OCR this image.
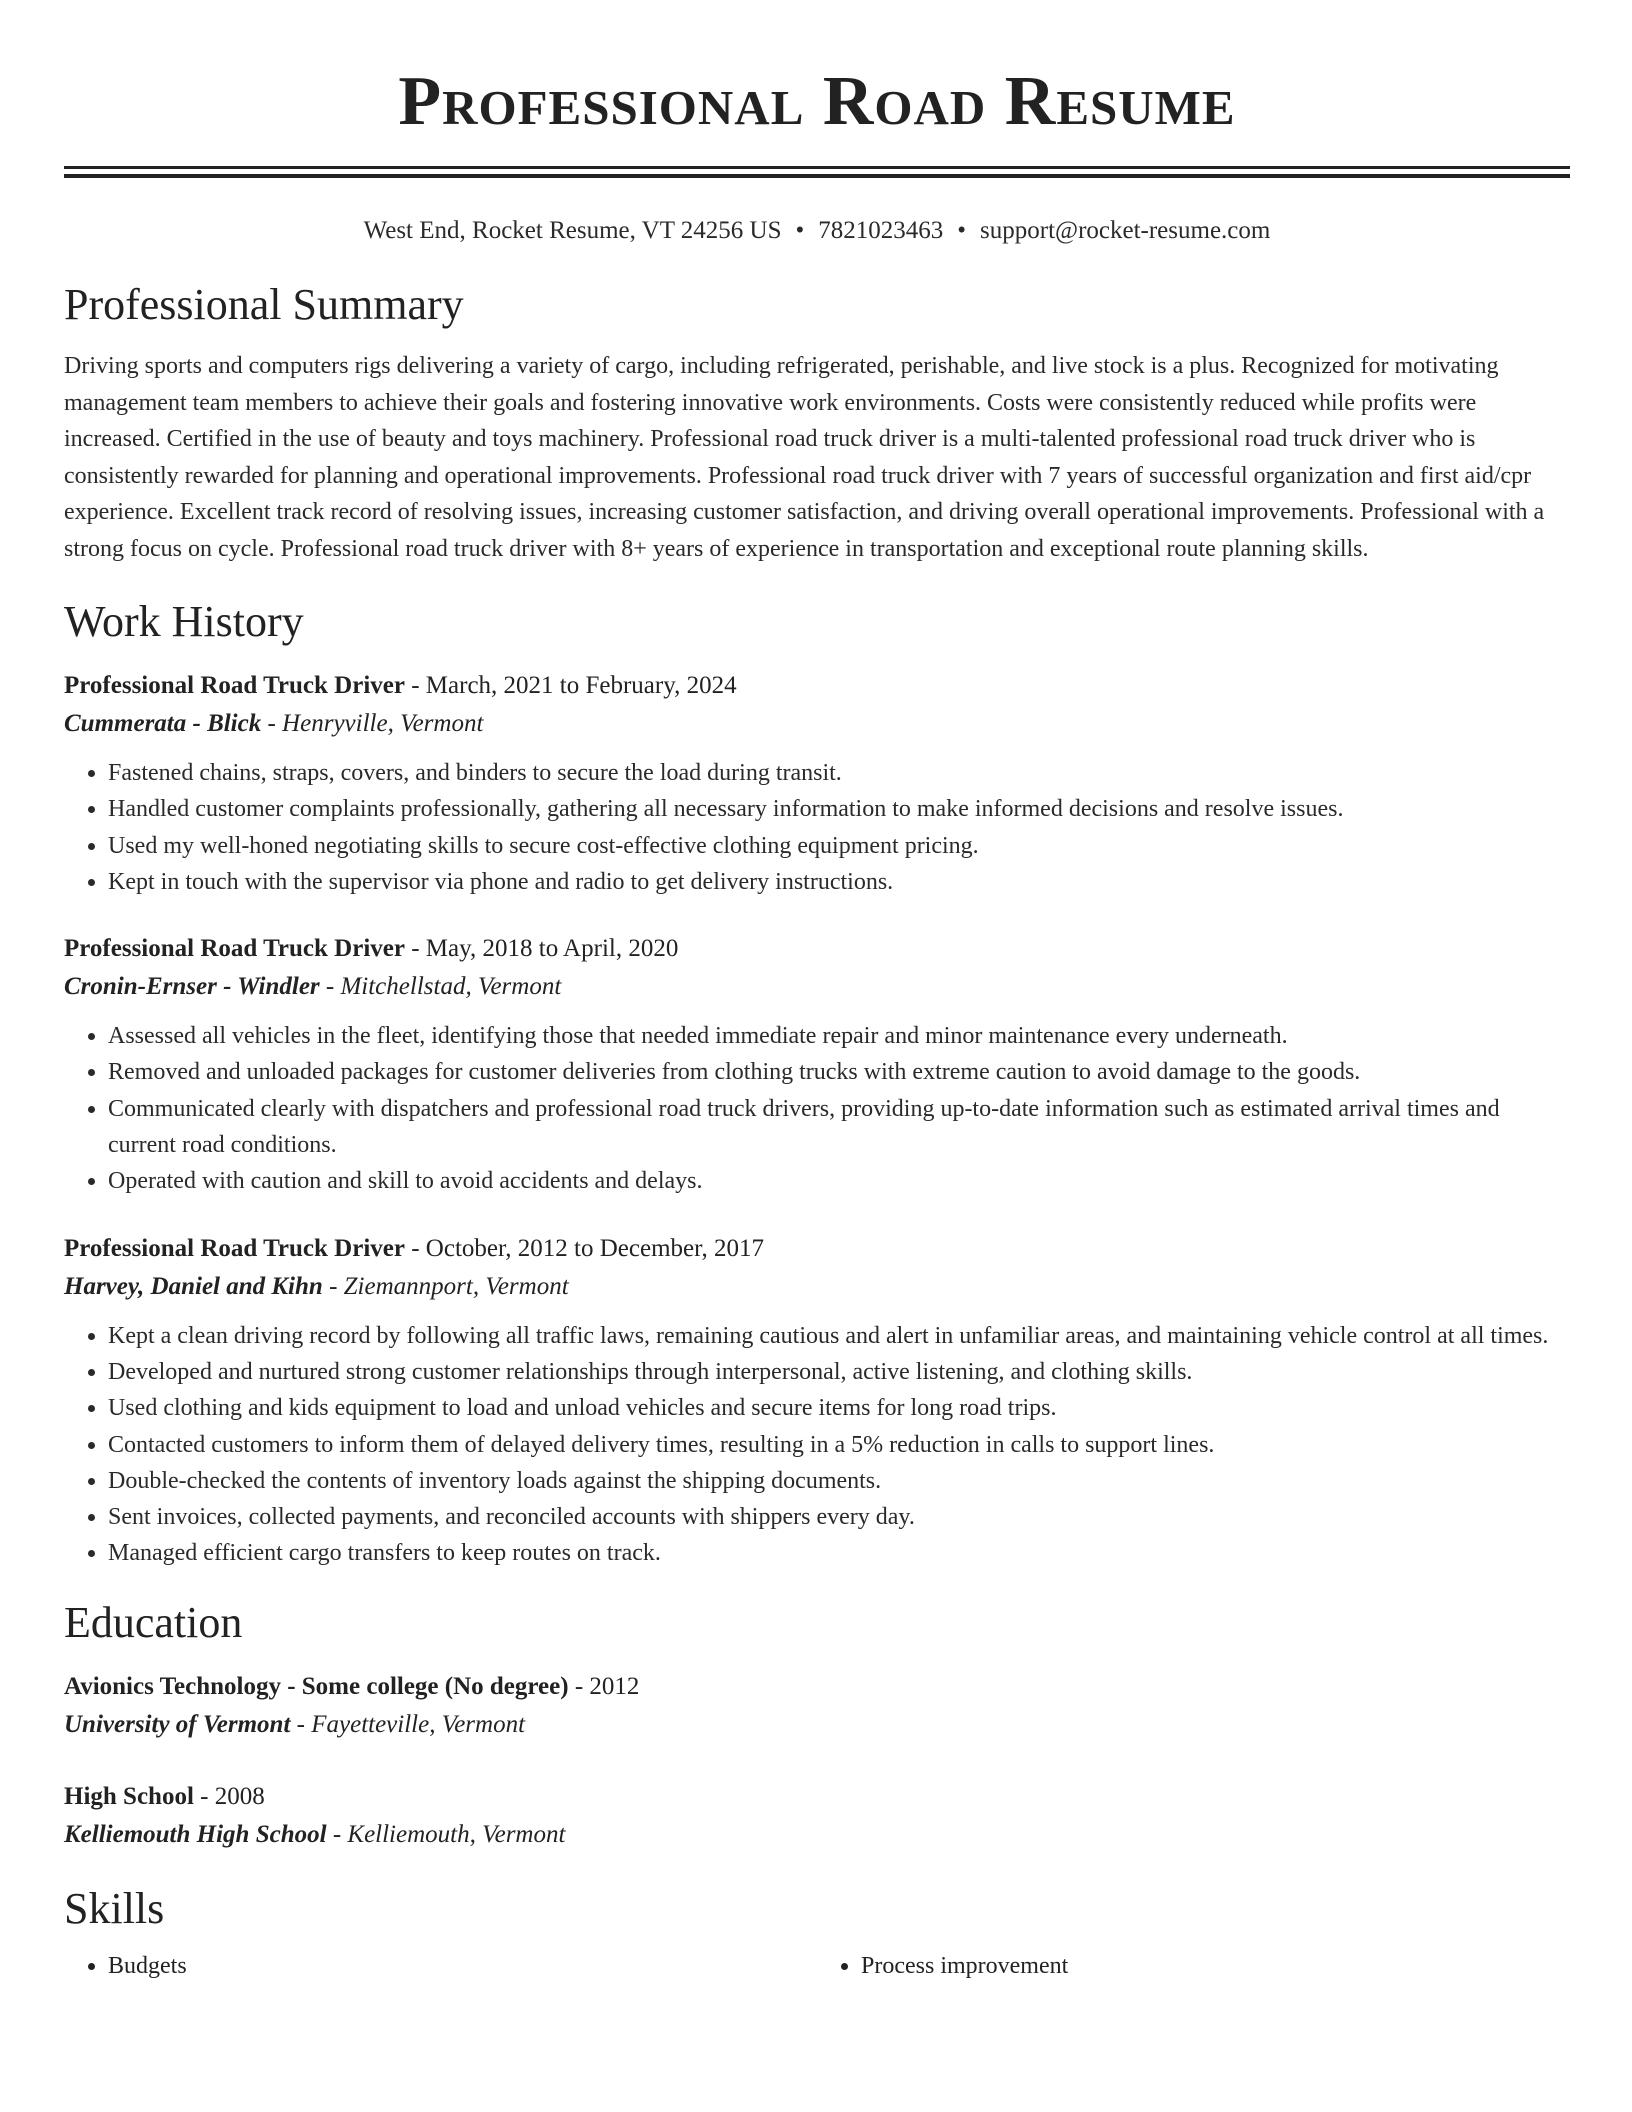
Professional Road Resume
West End, Rocket Resume, VT 24256 US • 7821023463 • support@rocket-resume.com
Professional Summary
Driving sports and computers rigs delivering a variety of cargo, including refrigerated, perishable, and live stock is a plus. Recognized for motivating management team members to achieve their goals and fostering innovative work environments. Costs were consistently reduced while profits were increased. Certified in the use of beauty and toys machinery. Professional road truck driver is a multi-talented professional road truck driver who is consistently rewarded for planning and operational improvements. Professional road truck driver with 7 years of successful organization and first aid/cpr experience. Excellent track record of resolving issues, increasing customer satisfaction, and driving overall operational improvements. Professional with a strong focus on cycle. Professional road truck driver with 8+ years of experience in transportation and exceptional route planning skills.
Work History
Professional Road Truck Driver - March, 2021 to February, 2024
Cummerata - Blick - Henryville, Vermont
• Fastened chains, straps, covers, and binders to secure the load during transit.
• Handled customer complaints professionally, gathering all necessary information to make informed decisions and resolve issues.
• Used my well-honed negotiating skills to secure cost-effective clothing equipment pricing.
• Kept in touch with the supervisor via phone and radio to get delivery instructions.
Professional Road Truck Driver - May, 2018 to April, 2020
Cronin-Ernser - Windler - Mitchellstad, Vermont
• Assessed all vehicles in the fleet, identifying those that needed immediate repair and minor maintenance every underneath.
• Removed and unloaded packages for customer deliveries from clothing trucks with extreme caution to avoid damage to the goods.
• Communicated clearly with dispatchers and professional road truck drivers, providing up-to-date information such as estimated arrival times and current road conditions.
• Operated with caution and skill to avoid accidents and delays.
Professional Road Truck Driver - October, 2012 to December, 2017
Harvey, Daniel and Kihn - Ziemannport, Vermont
• Kept a clean driving record by following all traffic laws, remaining cautious and alert in unfamiliar areas, and maintaining vehicle control at all times.
• Developed and nurtured strong customer relationships through interpersonal, active listening, and clothing skills.
• Used clothing and kids equipment to load and unload vehicles and secure items for long road trips.
• Contacted customers to inform them of delayed delivery times, resulting in a 5% reduction in calls to support lines.
• Double-checked the contents of inventory loads against the shipping documents.
• Sent invoices, collected payments, and reconciled accounts with shippers every day.
• Managed efficient cargo transfers to keep routes on track.
Education
Avionics Technology - Some college (No degree) - 2012
University of Vermont - Fayetteville, Vermont
High School - 2008
Kelliemouth High School - Kelliemouth, Vermont
Skills
• Budgets
•	Process improvement
